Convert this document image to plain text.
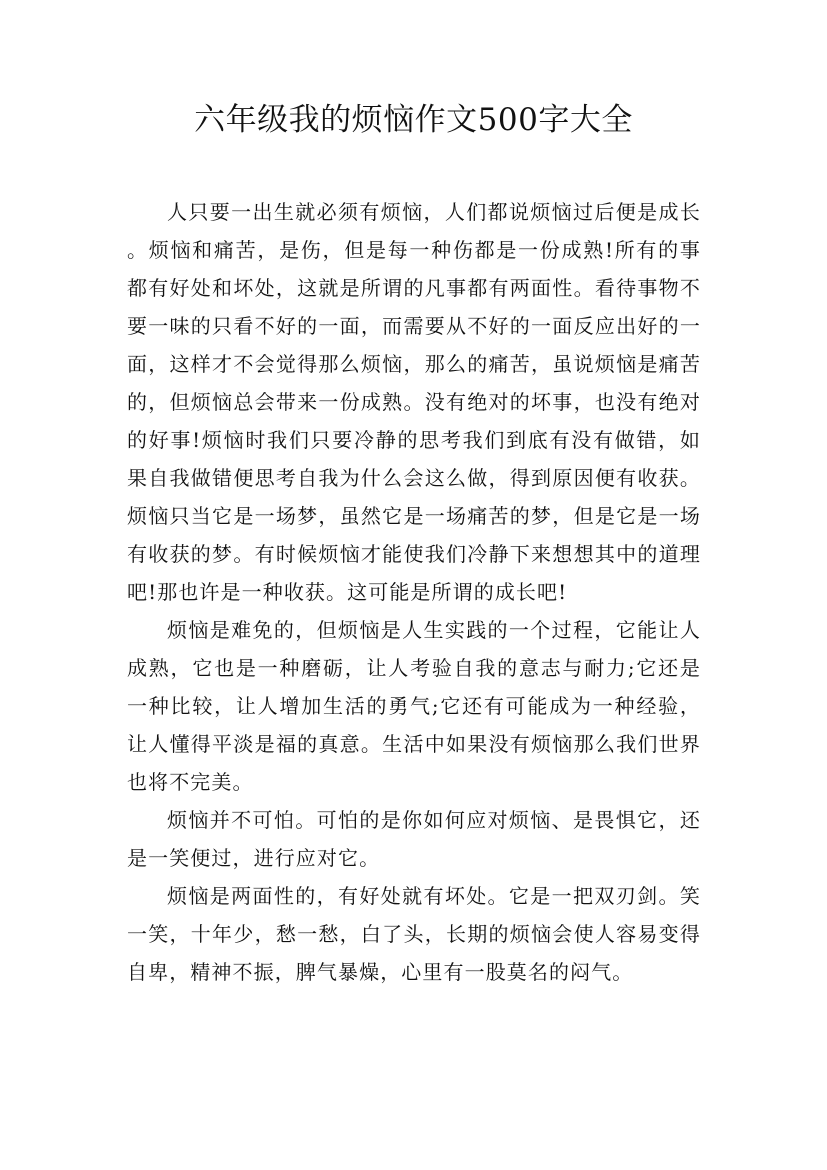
六年级我的烦恼作文500字大全

人只要一出生就必须有烦恼，人们都说烦恼过后便是成长。烦恼和痛苦，是伤，但是每一种伤都是一份成熟!所有的事都有好处和坏处，这就是所谓的凡事都有两面性。看待事物不要一味的只看不好的一面，而需要从不好的一面反应出好的一面，这样才不会觉得那么烦恼，那么的痛苦，虽说烦恼是痛苦的，但烦恼总会带来一份成熟。没有绝对的坏事，也没有绝对的好事!烦恼时我们只要冷静的思考我们到底有没有做错，如果自我做错便思考自我为什么会这么做，得到原因便有收获。烦恼只当它是一场梦，虽然它是一场痛苦的梦，但是它是一场有收获的梦。有时候烦恼才能使我们冷静下来想想其中的道理吧!那也许是一种收获。这可能是所谓的成长吧!

烦恼是难免的，但烦恼是人生实践的一个过程，它能让人成熟，它也是一种磨砺，让人考验自我的意志与耐力;它还是一种比较，让人增加生活的勇气;它还有可能成为一种经验，让人懂得平淡是福的真意。生活中如果没有烦恼那么我们世界也将不完美。

烦恼并不可怕。可怕的是你如何应对烦恼、是畏惧它，还是一笑便过，进行应对它。

烦恼是两面性的，有好处就有坏处。它是一把双刃剑。笑一笑，十年少，愁一愁，白了头，长期的烦恼会使人容易变得自卑，精神不振，脾气暴燥，心里有一股莫名的闷气。
